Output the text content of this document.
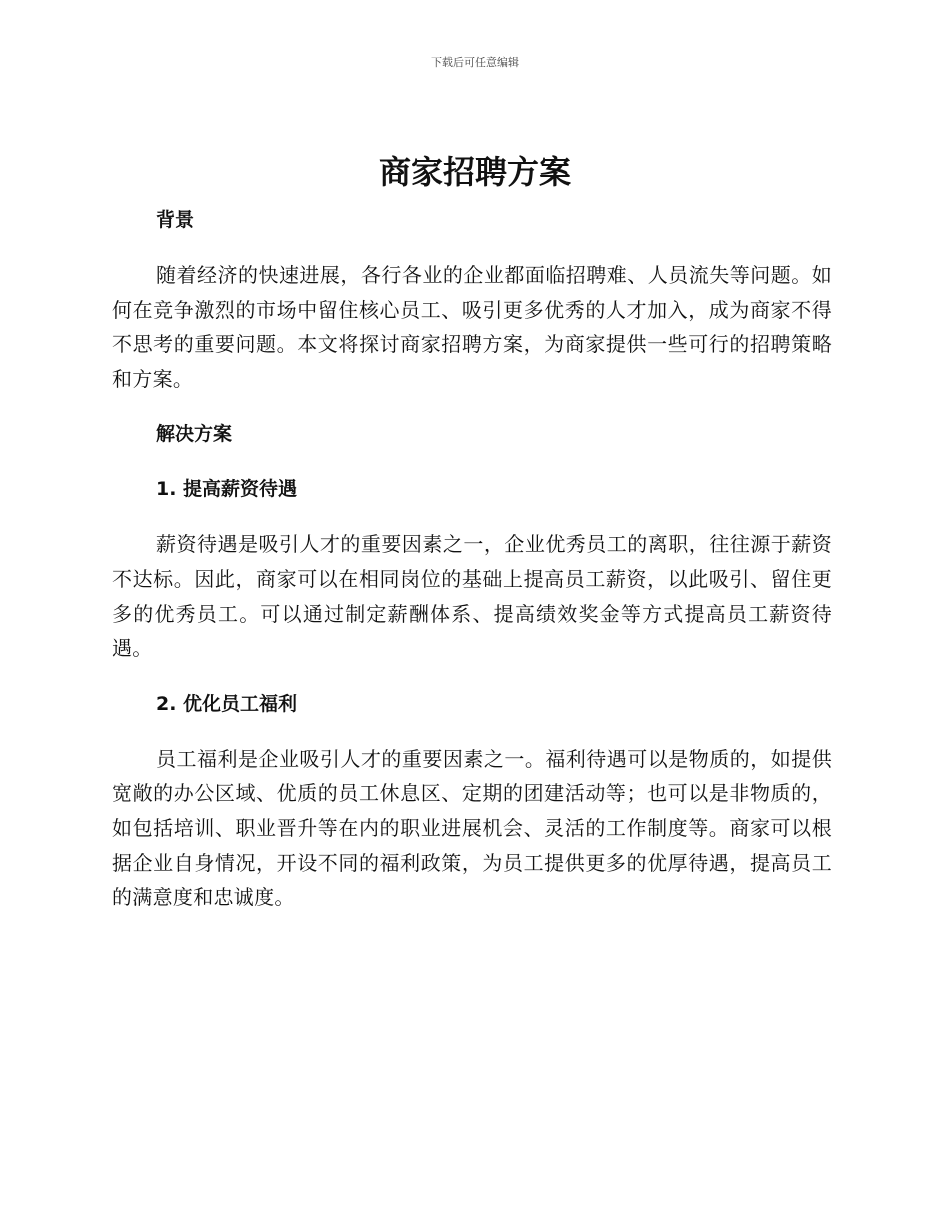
下载后可任意编辑
商家招聘方案
背景

随着经济的快速进展，各行各业的企业都面临招聘难、人员流失等问题。如何在竞争激烈的市场中留住核心员工、吸引更多优秀的人才加入，成为商家不得不思考的重要问题。本文将探讨商家招聘方案，为商家提供一些可行的招聘策略和方案。

解决方案
1. 提高薪资待遇

薪资待遇是吸引人才的重要因素之一，企业优秀员工的离职，往往源于薪资不达标。因此，商家可以在相同岗位的基础上提高员工薪资，以此吸引、留住更多的优秀员工。可以通过制定薪酬体系、提高绩效奖金等方式提高员工薪资待遇。

2. 优化员工福利

员工福利是企业吸引人才的重要因素之一。福利待遇可以是物质的，如提供宽敞的办公区域、优质的员工休息区、定期的团建活动等；也可以是非物质的，如包括培训、职业晋升等在内的职业进展机会、灵活的工作制度等。商家可以根据企业自身情况，开设不同的福利政策，为员工提供更多的优厚待遇，提高员工的满意度和忠诚度。
